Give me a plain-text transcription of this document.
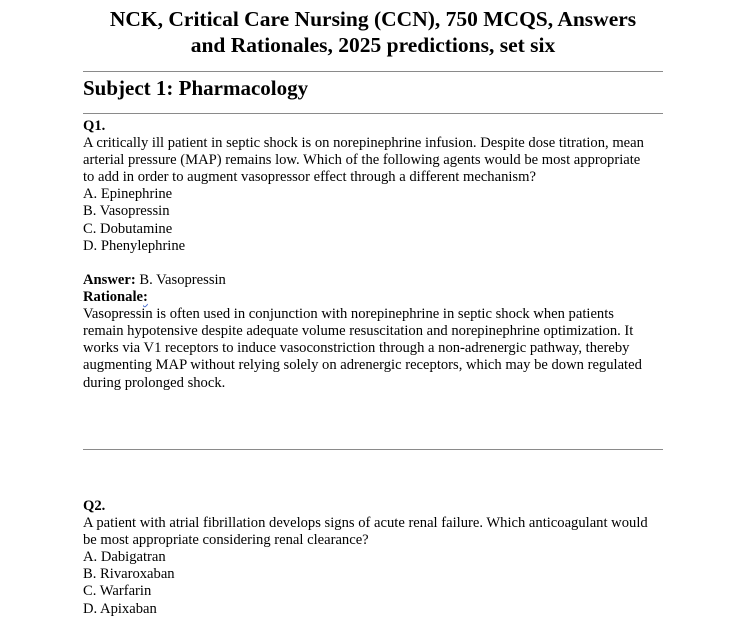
NCK, Critical Care Nursing (CCN), 750 MCQS, Answers
and Rationales, 2025 predictions, set six
Subject 1: Pharmacology
Q1.
A critically ill patient in septic shock is on norepinephrine infusion. Despite dose titration, mean
arterial pressure (MAP) remains low. Which of the following agents would be most appropriate
to add in order to augment vasopressor effect through a different mechanism?
A. Epinephrine
B. Vasopressin
C. Dobutamine
D. Phenylephrine
Answer: B. Vasopressin
Rationale:
Vasopressin is often used in conjunction with norepinephrine in septic shock when patients
remain hypotensive despite adequate volume resuscitation and norepinephrine optimization. It
works via V1 receptors to induce vasoconstriction through a non-adrenergic pathway, thereby
augmenting MAP without relying solely on adrenergic receptors, which may be down regulated
during prolonged shock.
Q2.
A patient with atrial fibrillation develops signs of acute renal failure. Which anticoagulant would
be most appropriate considering renal clearance?
A. Dabigatran
B. Rivaroxaban
C. Warfarin
D. Apixaban
